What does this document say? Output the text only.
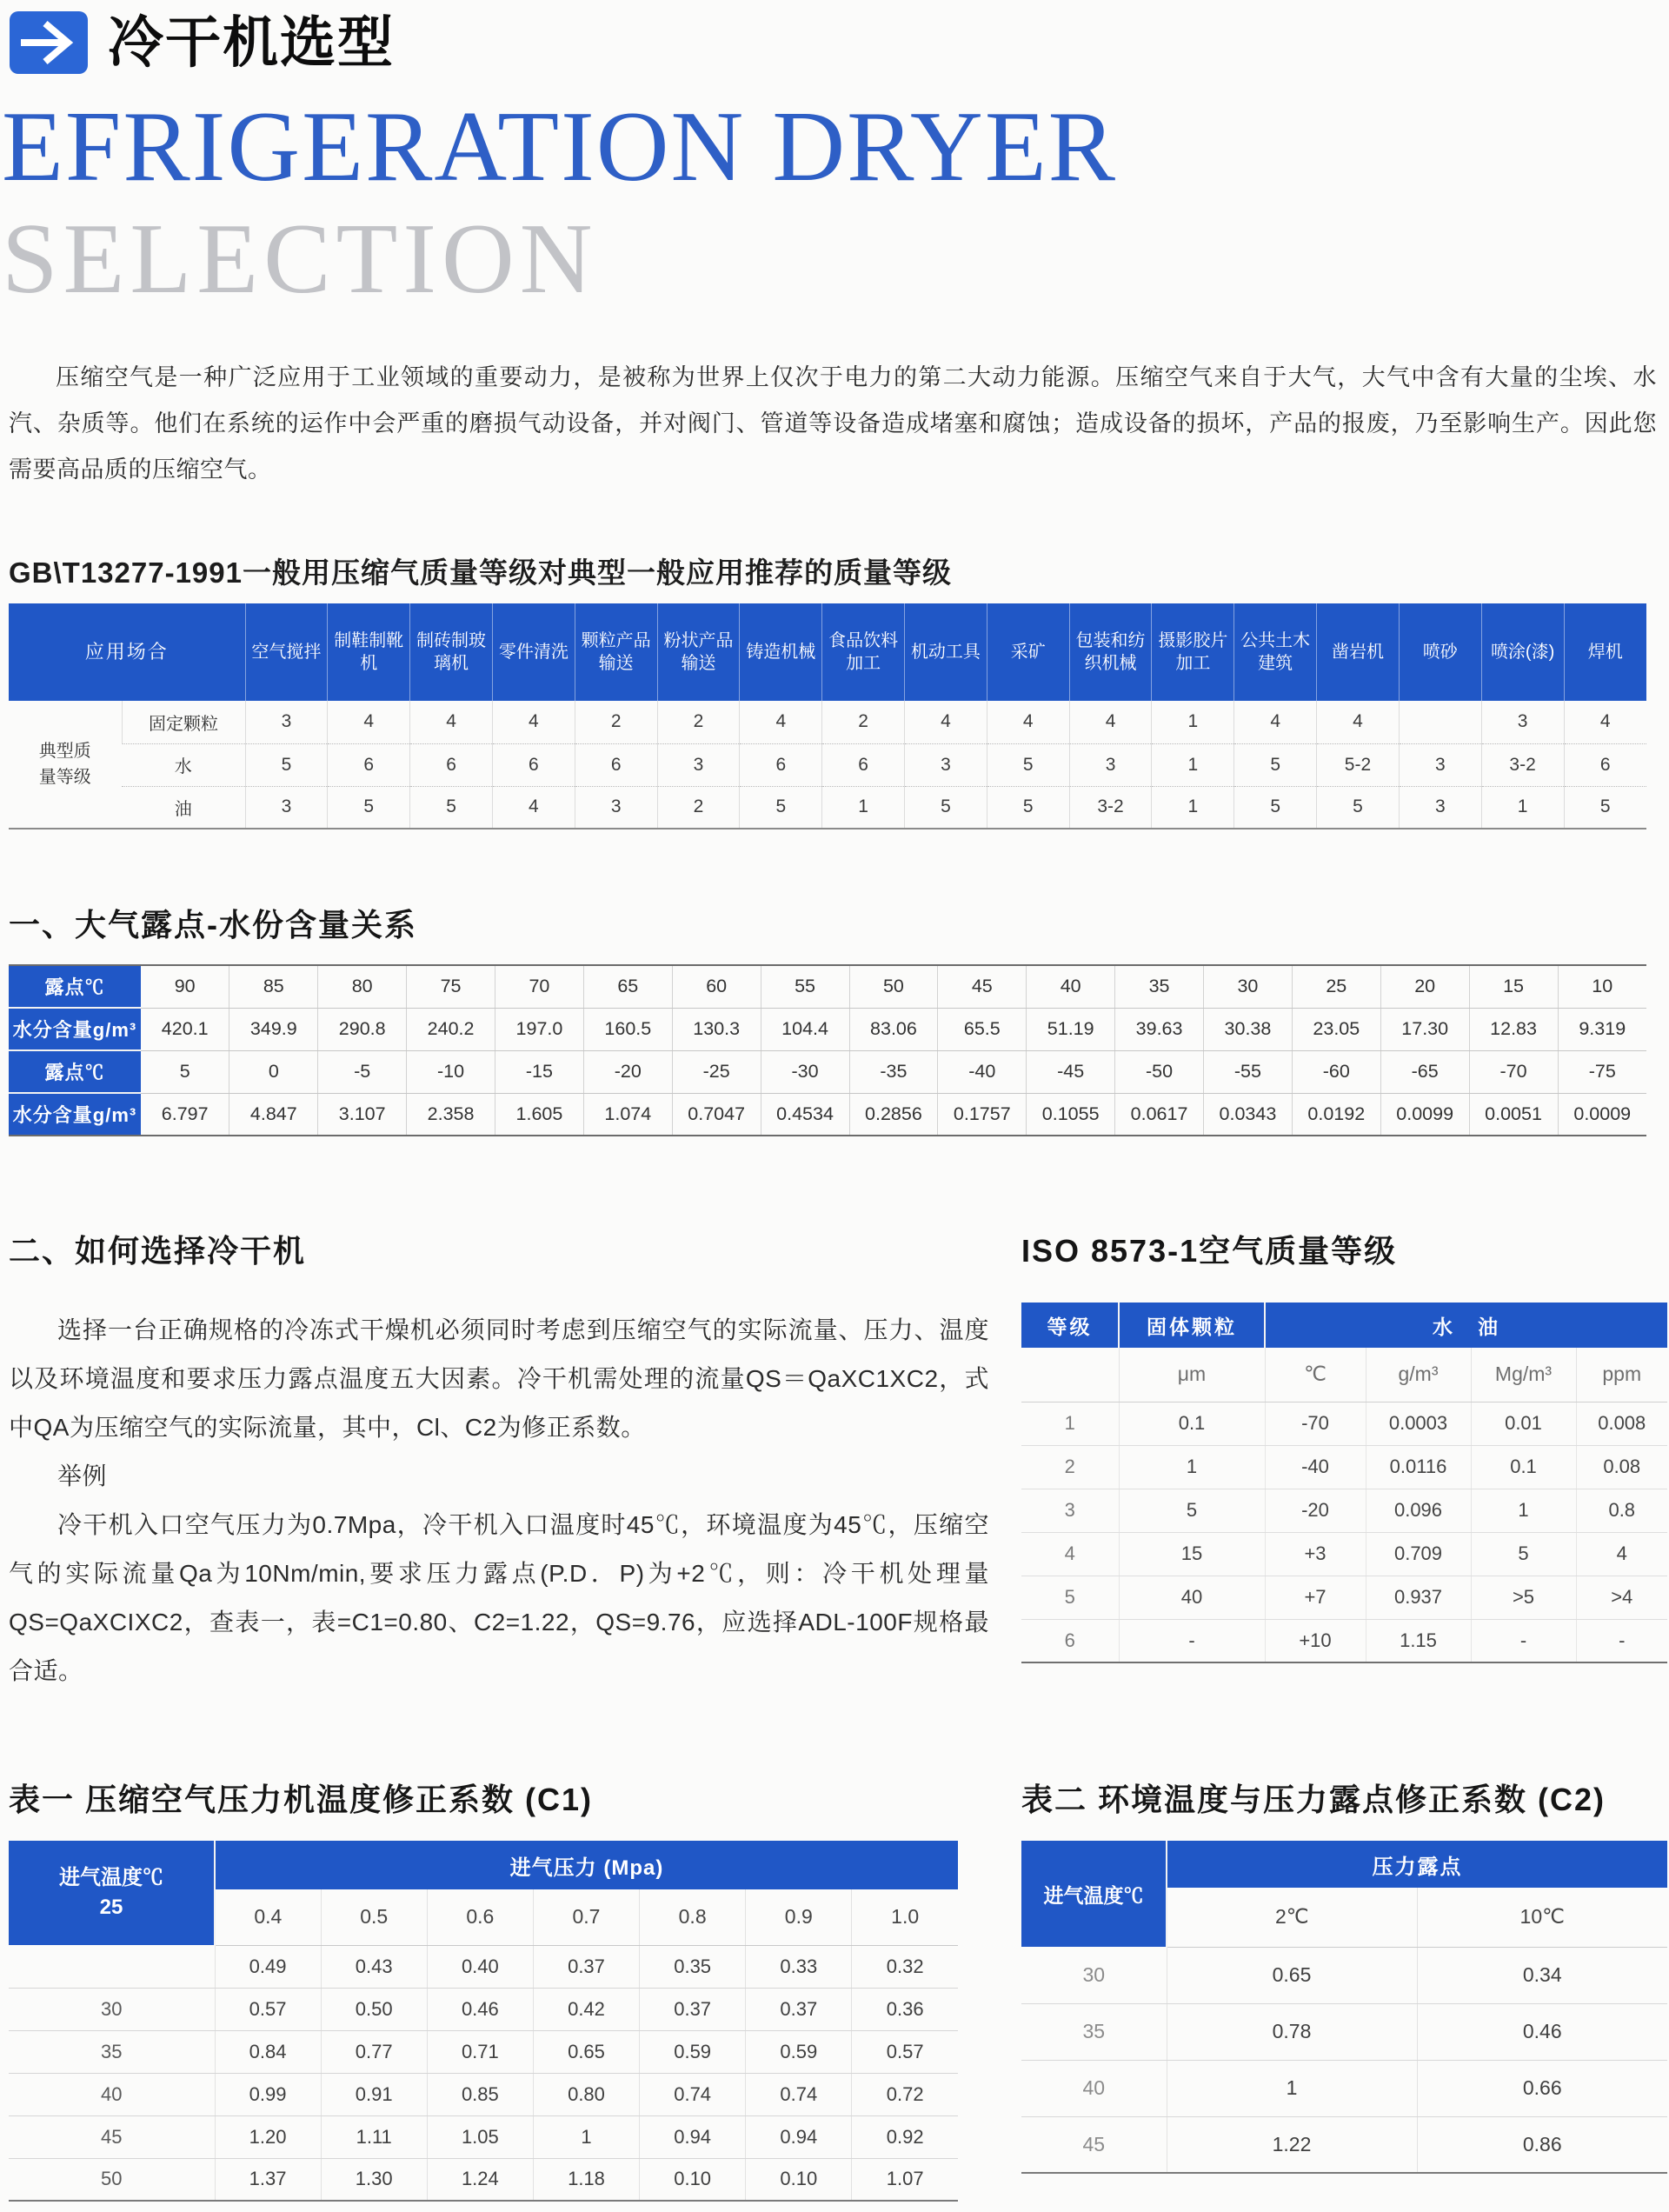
冷干机选型
EFRIGERATION DRYER
SELECTION

压缩空气是一种广泛应用于工业领域的重要动力，是被称为世界上仅次于电力的第二大动力能源。压缩空气来自于大气，大气中含有大量的尘埃、水汽、杂质等。他们在系统的运作中会严重的磨损气动设备，并对阀门、管道等设备造成堵塞和腐蚀；造成设备的损坏，产品的报废，乃至影响生产。因此您需要高品质的压缩空气。

GB\T13277-1991一般用压缩气质量等级对典型一般应用推荐的质量等级
应用场合		空气搅拌	制鞋制靴机	制砖制玻璃机	零件清洗	颗粒产品输送	粉状产品输送	铸造机械	食品饮料加工	机动工具	采矿	包装和纺织机械	摄影胶片加工	公共土木建筑	凿岩机	喷砂	喷涂(漆)	焊机
典型质量等级	固定颗粒	3	4	4	4	2	2	4	2	4	4	4	1	4	4		3	4
	水	5	6	6	6	6	3	6	6	3	5	3	1	5	5-2	3	3-2	6
	油	3	5	5	4	3	2	5	1	5	5	3-2	1	5	5	3	1	5
一、大气露点-水份含量关系
露点℃	90	85	80	75	70	65	60	55	50	45	40	35	30	25	20	15	10
水分含量g/m³	420.1	349.9	290.8	240.2	197.0	160.5	130.3	104.4	83.06	65.5	51.19	39.63	30.38	23.05	17.30	12.83	9.319
露点℃	5	0	-5	-10	-15	-20	-25	-30	-35	-40	-45	-50	-55	-60	-65	-70	-75
水分含量g/m³	6.797	4.847	3.107	2.358	1.605	1.074	0.7047	0.4534	0.2856	0.1757	0.1055	0.0617	0.0343	0.0192	0.0099	0.0051	0.0009
二、如何选择冷干机

选择一台正确规格的冷冻式干燥机必须同时考虑到压缩空气的实际流量、压力、温度以及环境温度和要求压力露点温度五大因素。冷干机需处理的流量QS＝QaXC1XC2，式中QA为压缩空气的实际流量，其中，Cl、C2为修正系数。

举例

冷干机入口空气压力为0.7Mpa，冷干机入口温度时45℃，环境温度为45℃，压缩空气的实际流量Qa为10Nm/min,要求压力露点(P.D．P)为+2℃，则：冷干机处理量QS=QaXCIXC2，查表一，表=C1=0.80、C2=1.22，QS=9.76，应选择ADL-100F规格最合适。

ISO 8573-1空气质量等级
等级	固体颗粒	水　油			
	μm	℃	g/m³	Mg/m³	ppm
1	0.1	-70	0.0003	0.01	0.008
2	1	-40	0.0116	0.1	0.08
3	5	-20	0.096	1	0.8
4	15	+3	0.709	5	4
5	40	+7	0.937	>5	>4
6	-	+10	1.15	-	-
表一 压缩空气压力机温度修正系数 (C1)
进气温度℃
25	进气压力 (Mpa)						
	0.4	0.5	0.6	0.7	0.8	0.9	1.0
	0.49	0.43	0.40	0.37	0.35	0.33	0.32
30	0.57	0.50	0.46	0.42	0.37	0.37	0.36
35	0.84	0.77	0.71	0.65	0.59	0.59	0.57
40	0.99	0.91	0.85	0.80	0.74	0.74	0.72
45	1.20	1.11	1.05	1	0.94	0.94	0.92
50	1.37	1.30	1.24	1.18	0.10	0.10	1.07
表二 环境温度与压力露点修正系数 (C2)
进气温度℃	压力露点	
	2℃	10℃
30	0.65	0.34
35	0.78	0.46
40	1	0.66
45	1.22	0.86
